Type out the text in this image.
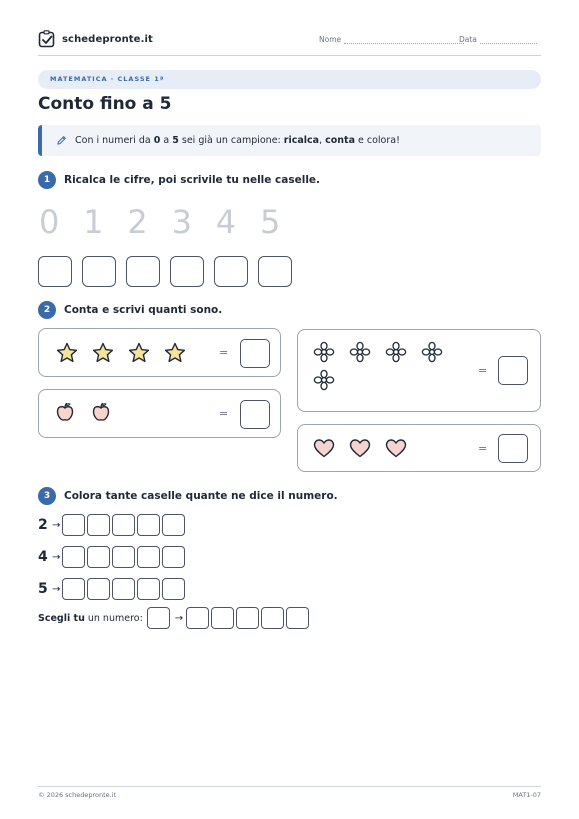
schedepronte.it	Nome	Data
MATEMATICA · CLASSE 1ª
Conto fino a 5
Con i numeri da 0 a 5 sei già un campione: ricalca, conta e colora!
1	Ricalca le cifre, poi scrivile tu nelle caselle.
0 1 2 3 4 5
2	Conta e scrivi quanti sono.
=
=
=
=
3	Colora tante caselle quante ne dice il numero.
2 →
4 →
5 →
Scegli tu un numero:	→
© 2026 schedepronte.it	MAT1-07
